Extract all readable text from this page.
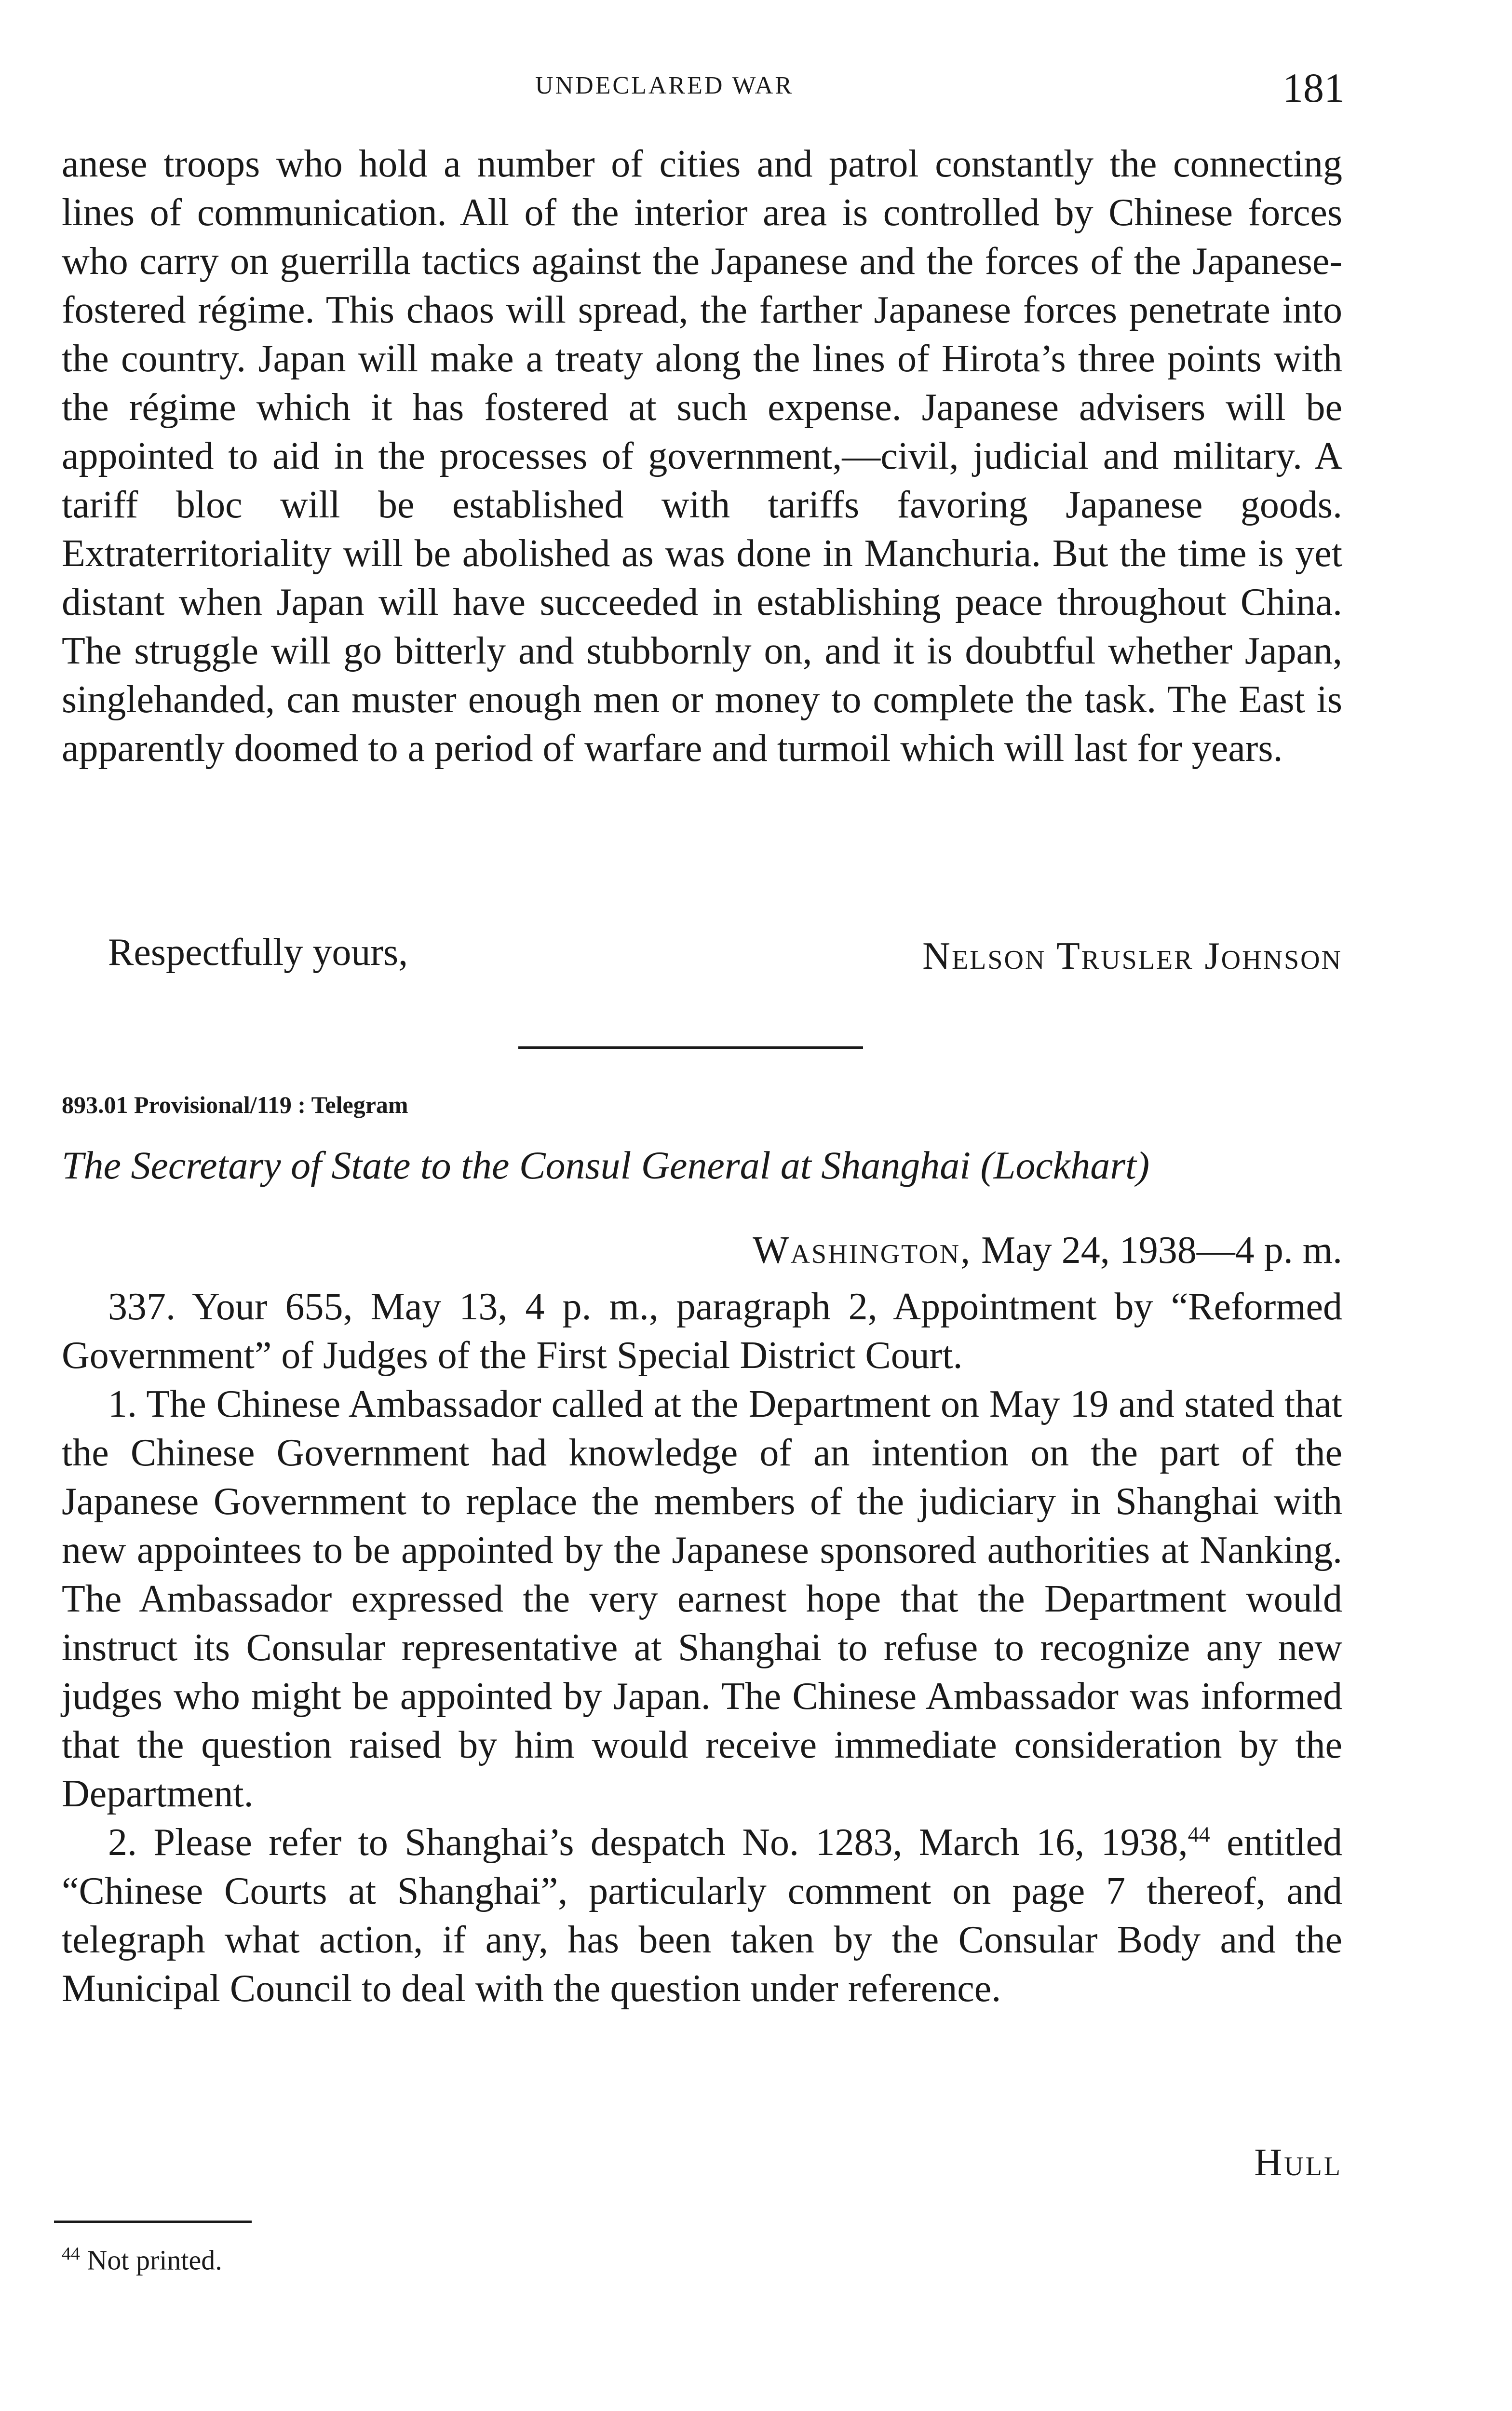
UNDECLARED WAR	181

anese troops who hold a number of cities and patrol constantly the connecting lines of communication. All of the interior area is controlled by Chinese forces who carry on guerrilla tactics against the Japanese and the forces of the Japanese-fostered régime. This chaos will spread, the farther Japanese forces penetrate into the country. Japan will make a treaty along the lines of Hirota’s three points with the régime which it has fostered at such expense. Japanese advisers will be appointed to aid in the processes of government,—civil, judicial and military. A tariff bloc will be established with tariffs favoring Japanese goods. Extraterritoriality will be abolished as was done in Manchuria. But the time is yet distant when Japan will have succeeded in establishing peace throughout China. The struggle will go bitterly and stubbornly on, and it is doubtful whether Japan, singlehanded, can muster enough men or money to complete the task. The East is apparently doomed to a period of warfare and turmoil which will last for years.

Respectfully yours,	Nelson Trusler Johnson
893.01 Provisional/119 : Telegram
The Secretary of State to the Consul General at Shanghai (Lockhart)
Washington, May 24, 1938—4 p. m.

337. Your 655, May 13, 4 p. m., paragraph 2, Appointment by “Reformed Government” of Judges of the First Special District Court.

1. The Chinese Ambassador called at the Department on May 19 and stated that the Chinese Government had knowledge of an intention on the part of the Japanese Government to replace the members of the judiciary in Shanghai with new appointees to be appointed by the Japanese sponsored authorities at Nanking. The Ambassador expressed the very earnest hope that the Department would instruct its Consular representative at Shanghai to refuse to recognize any new judges who might be appointed by Japan. The Chinese Ambassador was informed that the question raised by him would receive immediate consideration by the Department.

2. Please refer to Shanghai’s despatch No. 1283, March 16, 1938,44 entitled “Chinese Courts at Shanghai”, particularly comment on page 7 thereof, and telegraph what action, if any, has been taken by the Consular Body and the Municipal Council to deal with the question under reference.

Hull
$^{44}$ Not printed.
